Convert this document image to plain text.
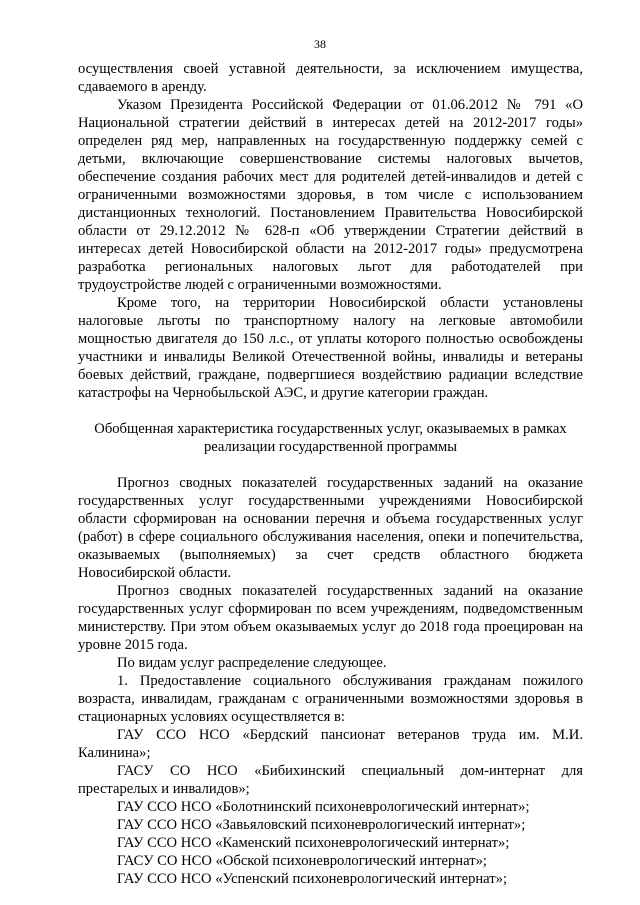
38

осуществления своей уставной деятельности, за исключением имущества, сдаваемого в аренду.

Указом Президента Российской Федерации от 01.06.2012 № 791 «О Национальной стратегии действий в интересах детей на 2012-2017 годы» определен ряд мер, направленных на государственную поддержку семей с детьми, включающие совершенствование системы налоговых вычетов, обеспечение создания рабочих мест для родителей детей-инвалидов и детей с ограниченными возможностями здоровья, в том числе с использованием дистанционных технологий. Постановлением Правительства Новосибирской области от 29.12.2012 № 628-п «Об утверждении Стратегии действий в интересах детей Новосибирской области на 2012-2017 годы» предусмотрена разработка региональных налоговых льгот для работодателей при трудоустройстве людей с ограниченными возможностями.

Кроме того, на территории Новосибирской области установлены налоговые льготы по транспортному налогу на легковые автомобили мощностью двигателя до 150 л.с., от уплаты которого полностью освобождены участники и инвалиды Великой Отечественной войны, инвалиды и ветераны боевых действий, граждане, подвергшиеся воздействию радиации вследствие катастрофы на Чернобыльской АЭС, и другие категории граждан.

Обобщенная характеристика государственных услуг, оказываемых в рамках
реализации государственной программы

Прогноз сводных показателей государственных заданий на оказание государственных услуг государственными учреждениями Новосибирской области сформирован на основании перечня и объема государственных услуг (работ) в сфере социального обслуживания населения, опеки и попечительства, оказываемых (выполняемых) за счет средств областного бюджета Новосибирской области.

Прогноз сводных показателей государственных заданий на оказание государственных услуг сформирован по всем учреждениям, подведомственным министерству. При этом объем оказываемых услуг до 2018 года проецирован на уровне 2015 года.

По видам услуг распределение следующее.

1. Предоставление социального обслуживания гражданам пожилого возраста, инвалидам, гражданам с ограниченными возможностями здоровья в стационарных условиях осуществляется в:

ГАУ ССО НСО «Бердский пансионат ветеранов труда им. М.И. Калинина»;

ГАСУ СО НСО «Бибихинский специальный дом-интернат для престарелых и инвалидов»;

ГАУ ССО НСО «Болотнинский психоневрологический интернат»;

ГАУ ССО НСО «Завьяловский психоневрологический интернат»;

ГАУ ССО НСО «Каменский психоневрологический интернат»;

ГАСУ СО НСО «Обской психоневрологический интернат»;

ГАУ ССО НСО «Успенский психоневрологический интернат»;
